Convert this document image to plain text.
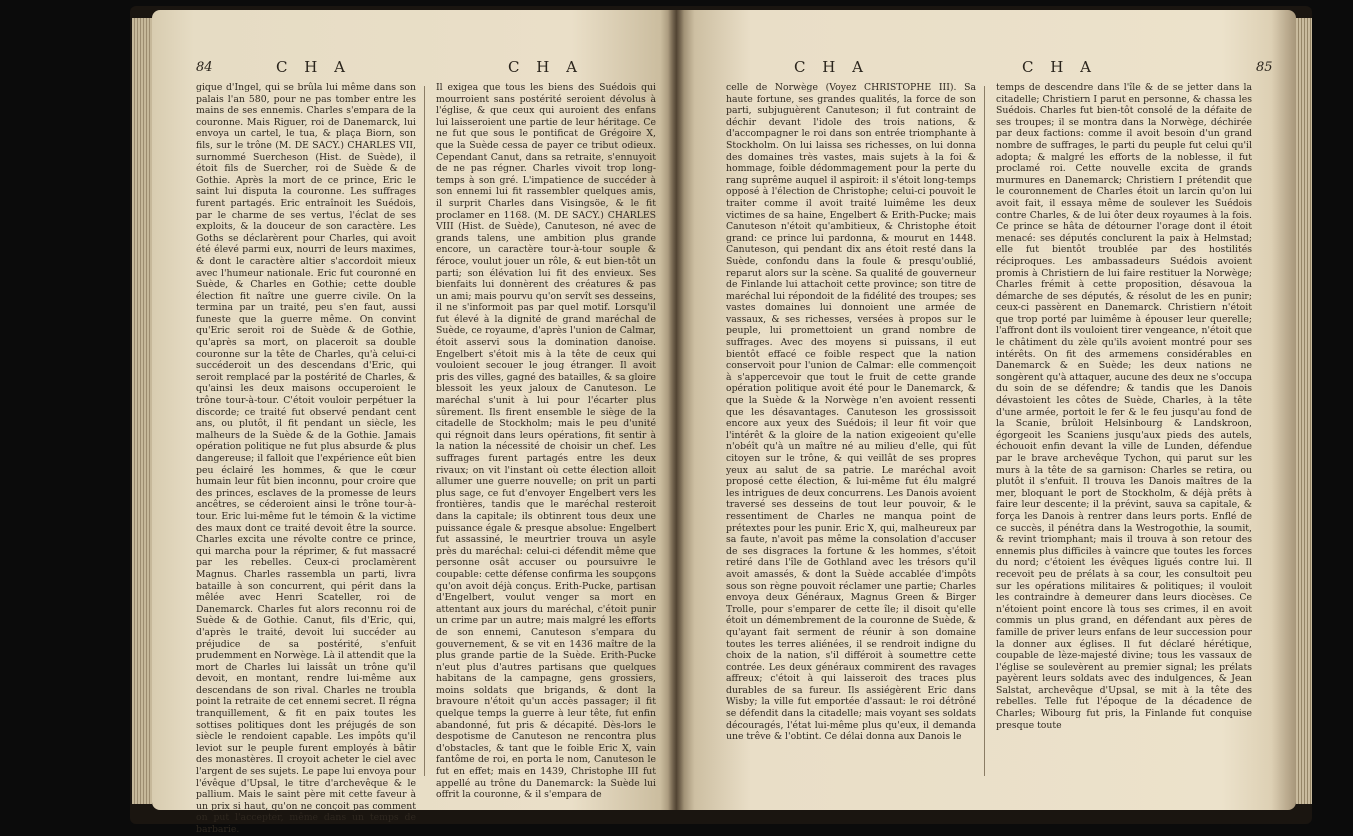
84	C H A	C H A
gique d'Ingel, qui se brûla lui même dans son palais l'an 580, pour ne pas tomber entre les mains de ses ennemis. Charles s'empara de la couronne. Mais Riguer, roi de Danemarck, lui envoya un cartel, le tua, & plaça Biorn, son fils, sur le trône (M. DE SACY.) CHARLES VII, surnommé Suercheson (Hist. de Suède), il étoit fils de Suercher, roi de Suède & de Gothie. Après la mort de ce prince, Eric le saint lui disputa la couronne. Les suffrages furent partagés. Eric entraînoit les Suédois, par le charme de ses vertus, l'éclat de ses exploits, & la douceur de son caractère. Les Goths se déclarèrent pour Charles, qui avoit été élevé parmi eux, nourri de leurs maximes, & dont le caractère altier s'accordoit mieux avec l'humeur nationale. Eric fut couronné en Suède, & Charles en Gothie; cette double élection fit naître une guerre civile. On la termina par un traité, peu s'en faut, aussi funeste que la guerre même. On convint qu'Eric seroit roi de Suède & de Gothie, qu'après sa mort, on placeroit sa double couronne sur la tête de Charles, qu'à celui-ci succéderoit un des descendans d'Eric, qui seroit remplacé par la postérité de Charles, & qu'ainsi les deux maisons occuperoient le trône tour-à-tour. C'étoit vouloir perpétuer la discorde; ce traité fut observé pendant cent ans, ou plutôt, il fit pendant un siècle, les malheurs de la Suède & de la Gothie. Jamais opération politique ne fut plus absurde & plus dangereuse; il falloit que l'expérience eût bien peu éclairé les hommes, & que le cœur humain leur fût bien inconnu, pour croire que des princes, esclaves de la promesse de leurs ancêtres, se céderoient ainsi le trône tour-à-tour. Eric lui-même fut le témoin & la victime des maux dont ce traité devoit être la source. Charles excita une révolte contre ce prince, qui marcha pour la réprimer, & fut massacré par les rebelles. Ceux-ci proclamèrent Magnus. Charles rassembla un parti, livra bataille à son concurrent, qui périt dans la mêlée avec Henri Scateller, roi de Danemarck. Charles fut alors reconnu roi de Suède & de Gothie. Canut, fils d'Eric, qui, d'après le traité, devoit lui succéder au préjudice de sa postérité, s'enfuit prudemment en Norwège. Là il attendit que la mort de Charles lui laissât un trône qu'il devoit, en montant, rendre lui-même aux descendans de son rival. Charles ne troubla point la retraite de cet ennemi secret. Il régna tranquillement, & fit en paix toutes les sottises politiques dont les préjugés de son siècle le rendoient capable. Les impôts qu'il leviot sur le peuple furent employés à bâtir des monastères. Il croyoit acheter le ciel avec l'argent de ses sujets. Le pape lui envoya pour l'évêque d'Upsal, le titre d'archevêque & le pallium. Mais le saint père mit cette faveur à un prix si haut, qu'on ne conçoit pas comment on put l'accepter, même dans un temps de barbarie.
Il exigea que tous les biens des Suédois qui mourroient sans postérité seroient dévolus à l'église, & que ceux qui auroient des enfans lui laisseroient une partie de leur héritage. Ce ne fut que sous le pontificat de Grégoire X, que la Suède cessa de payer ce tribut odieux. Cependant Canut, dans sa retraite, s'ennuyoit de ne pas régner. Charles vivoit trop long-temps à son gré. L'impatience de succéder à son ennemi lui fit rassembler quelques amis, il surprit Charles dans Visingsöe, & le fit proclamer en 1168. (M. DE SACY.) CHARLES VIII (Hist. de Suède), Canuteson, né avec de grands talens, une ambition plus grande encore, un caractère tour-à-tour souple & féroce, voulut jouer un rôle, & eut bien-tôt un parti; son élévation lui fit des envieux. Ses bienfaits lui donnèrent des créatures & pas un ami; mais pourvu qu'on servît ses desseins, il ne s'informoit pas par quel motif. Lorsqu'il fut élevé à la dignité de grand maréchal de Suède, ce royaume, d'après l'union de Calmar, étoit asservi sous la domination danoise. Engelbert s'étoit mis à la tête de ceux qui vouloient secouer le joug étranger. Il avoit pris des villes, gagné des batailles, & sa gloire blessoit les yeux jaloux de Canuteson. Le maréchal s'unit à lui pour l'écarter plus sûrement. Ils firent ensemble le siège de la citadelle de Stockholm; mais le peu d'unité qui régnoit dans leurs opérations, fit sentir à la nation la nécessité de choisir un chef. Les suffrages furent partagés entre les deux rivaux; on vit l'instant où cette élection alloit allumer une guerre nouvelle; on prit un parti plus sage, ce fut d'envoyer Engelbert vers les frontières, tandis que le maréchal resteroit dans la capitale; ils obtinrent tous deux une puissance égale & presque absolue: Engelbert fut assassiné, le meurtrier trouva un asyle près du maréchal: celui-ci défendit même que personne osât accuser ou poursuivre le coupable: cette défense confirma les soupçons qu'on avoit déjà conçus. Erith-Pucke, partisan d'Engelbert, voulut venger sa mort en attentant aux jours du maréchal, c'étoit punir un crime par un autre; mais malgré les efforts de son ennemi, Canuteson s'empara du gouvernement, & se vit en 1436 maître de la plus grande partie de la Suède. Erith-Pucke n'eut plus d'autres partisans que quelques habitans de la campagne, gens grossiers, moins soldats que brigands, & dont la bravoure n'étoit qu'un accès passager; il fit quelque temps la guerre à leur tête, fut enfin abandonné, fut pris & décapité. Dès-lors le despotisme de Canuteson ne rencontra plus d'obstacles, & tant que le foible Eric X, vain fantôme de roi, en porta le nom, Canuteson le fut en effet; mais en 1439, Christophe III fut appellé au trône du Danemarck: la Suède lui offrit la couronne, & il s'empara de
C H A	C H A	85
celle de Norwège (Voyez CHRISTOPHE III). Sa haute fortune, ses grandes qualités, la force de son parti, subjuguèrent Canuteson; il fut contraint de déchir devant l'idole des trois nations, & d'accompagner le roi dans son entrée triomphante à Stockholm. On lui laissa ses richesses, on lui donna des domaines très vastes, mais sujets à la foi & hommage, foible dédommagement pour la perte du rang suprême auquel il aspiroit: il s'étoit long-temps opposé à l'élection de Christophe; celui-ci pouvoit le traiter comme il avoit traité luimême les deux victimes de sa haine, Engelbert & Erith-Pucke; mais Canuteson n'étoit qu'ambitieux, & Christophe étoit grand: ce prince lui pardonna, & mourut en 1448. Canuteson, qui pendant dix ans étoit resté dans la Suède, confondu dans la foule & presqu'oublié, reparut alors sur la scène. Sa qualité de gouverneur de Finlande lui attachoit cette province; son titre de maréchal lui répondoit de la fidélité des troupes; ses vastes domaines lui donnoient une armée de vassaux, & ses richesses, versées à propos sur le peuple, lui promettoient un grand nombre de suffrages. Avec des moyens si puissans, il eut bientôt effacé ce foible respect que la nation conservoit pour l'union de Calmar: elle commençoit à s'appercevoir que tout le fruit de cette grande opération politique avoit été pour le Danemarck, & que la Suède & la Norwège n'en avoient ressenti que les désavantages. Canuteson les grossissoit encore aux yeux des Suédois; il leur fit voir que l'intérêt & la gloire de la nation exigeoient qu'elle n'obéît qu'à un maître né au milieu d'elle, qui fût citoyen sur le trône, & qui veillât de ses propres yeux au salut de sa patrie. Le maréchal avoit proposé cette élection, & lui-même fut élu malgré les intrigues de deux concurrens. Les Danois avoient traversé ses desseins de tout leur pouvoir, & le ressentiment de Charles ne manqua point de prétextes pour les punir. Eric X, qui, malheureux par sa faute, n'avoit pas même la consolation d'accuser de ses disgraces la fortune & les hommes, s'étoit retiré dans l'île de Gothland avec les trésors qu'il avoit amassés, & dont la Suède accablée d'impôts sous son règne pouvoit réclamer une partie; Charles envoya deux Généraux, Magnus Green & Birger Trolle, pour s'emparer de cette île; il disoit qu'elle étoit un démembrement de la couronne de Suède, & qu'ayant fait serment de réunir à son domaine toutes les terres aliénées, il se rendroit indigne du choix de la nation, s'il différoit à soumettre cette contrée. Les deux généraux commirent des ravages affreux; c'étoit à qui laisseroit des traces plus durables de sa fureur. Ils assiégèrent Eric dans Wisby; la ville fut emportée d'assaut: le roi détrôné se défendit dans la citadelle; mais voyant ses soldats découragés, l'état lui-même plus qu'eux, il demanda une trêve & l'obtint. Ce délai donna aux Danois le
temps de descendre dans l'île & de se jetter dans la citadelle; Christiern I parut en personne, & chassa les Suédois. Charles fut bien-tôt consolé de la défaite de ses troupes; il se montra dans la Norwège, déchirée par deux factions: comme il avoit besoin d'un grand nombre de suffrages, le parti du peuple fut celui qu'il adopta; & malgré les efforts de la noblesse, il fut proclamé roi. Cette nouvelle excita de grands murmures en Danemarck; Christiern I prétendit que le couronnement de Charles étoit un larcin qu'on lui avoit fait, il essaya même de soulever les Suédois contre Charles, & de lui ôter deux royaumes à la fois. Ce prince se hâta de détourner l'orage dont il étoit menacé: ses députés conclurent la paix à Helmstad; elle fut bientôt troublée par des hostilités réciproques. Les ambassadeurs Suédois avoient promis à Christiern de lui faire restituer la Norwège; Charles frémit à cette proposition, désavoua la démarche de ses députés, & résolut de les en punir; ceux-ci passèrent en Danemarck. Christiern n'étoit que trop porté par luimême à épouser leur querelle; l'affront dont ils vouloient tirer vengeance, n'étoit que le châtiment du zèle qu'ils avoient montré pour ses intérêts. On fit des armemens considérables en Danemarck & en Suède; les deux nations ne songèrent qu'à attaquer, aucune des deux ne s'occupa du soin de se défendre; & tandis que les Danois dévastoient les côtes de Suède, Charles, à la tête d'une armée, portoit le fer & le feu jusqu'au fond de la Scanie, brûloit Helsinbourg & Landskroon, égorgeoit les Scaniens jusqu'aux pieds des autels, échouoit enfin devant la ville de Lunden, défendue par le brave archevêque Tychon, qui parut sur les murs à la tête de sa garnison: Charles se retira, ou plutôt il s'enfuit. Il trouva les Danois maîtres de la mer, bloquant le port de Stockholm, & déjà prêts à faire leur descente; il la prévint, sauva sa capitale, & força les Danois à rentrer dans leurs ports. Enflé de ce succès, il pénétra dans la Westrogothie, la soumit, & revint triomphant; mais il trouva à son retour des ennemis plus difficiles à vaincre que toutes les forces du nord; c'étoient les évêques ligués contre lui. Il recevoit peu de prélats à sa cour, les consultoit peu sur les opérations militaires & politiques; il vouloit les contraindre à demeurer dans leurs diocèses. Ce n'étoient point encore là tous ses crimes, il en avoit commis un plus grand, en défendant aux pères de famille de priver leurs enfans de leur succession pour la donner aux églises. Il fut déclaré hérétique, coupable de lèze-majesté divine; tous les vassaux de l'église se soulevèrent au premier signal; les prélats payèrent leurs soldats avec des indulgences, & Jean Salstat, archevêque d'Upsal, se mit à la tête des rebelles. Telle fut l'époque de la décadence de Charles; Wibourg fut pris, la Finlande fut conquise presque toute
